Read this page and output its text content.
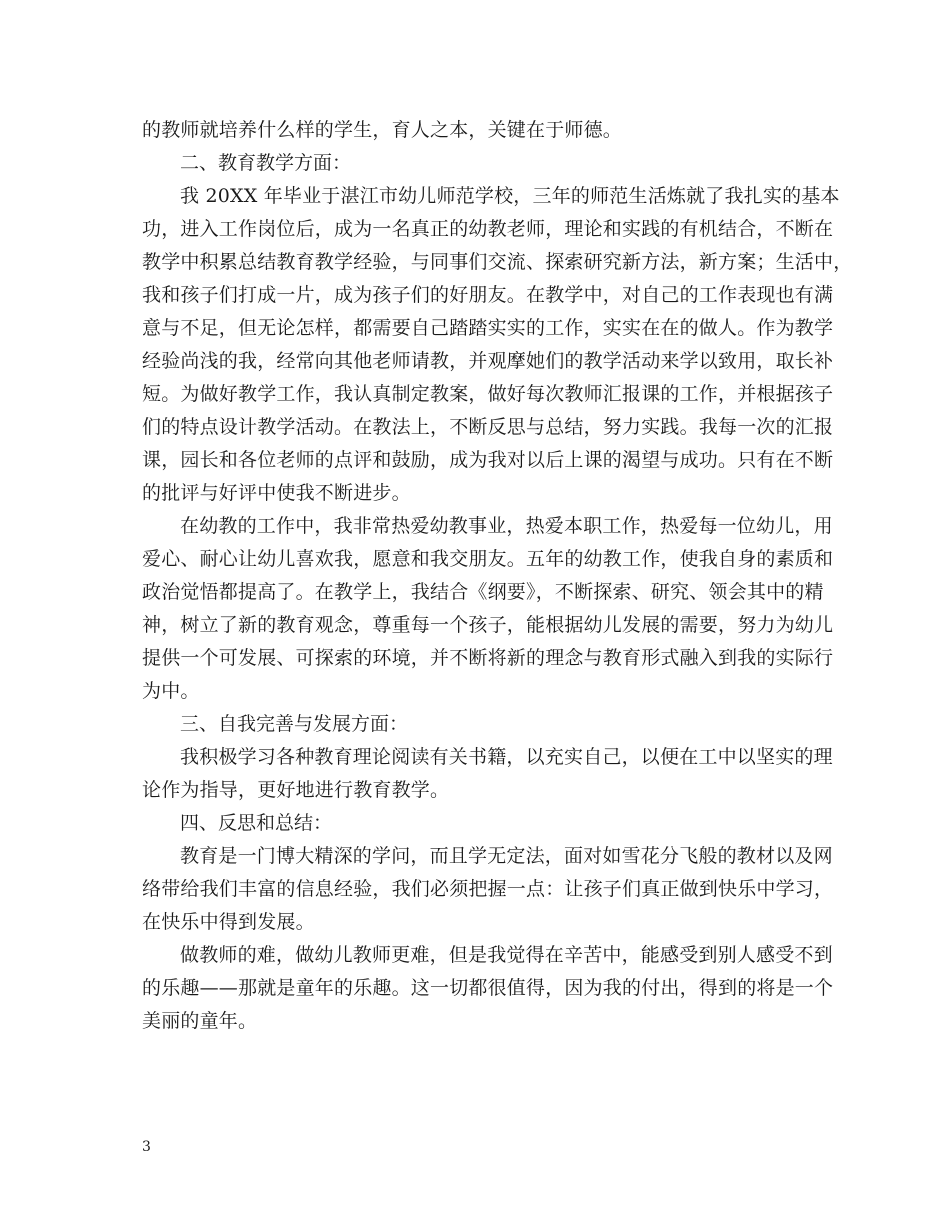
的教师就培养什么样的学生，育人之本，关键在于师德。
二、教育教学方面：
我 20XX 年毕业于湛江市幼儿师范学校，三年的师范生活炼就了我扎实的基本
功，进入工作岗位后，成为一名真正的幼教老师，理论和实践的有机结合，不断在
教学中积累总结教育教学经验，与同事们交流、探索研究新方法，新方案；生活中，
我和孩子们打成一片，成为孩子们的好朋友。在教学中，对自己的工作表现也有满
意与不足，但无论怎样，都需要自己踏踏实实的工作，实实在在的做人。作为教学
经验尚浅的我，经常向其他老师请教，并观摩她们的教学活动来学以致用，取长补
短。为做好教学工作，我认真制定教案，做好每次教师汇报课的工作，并根据孩子
们的特点设计教学活动。在教法上，不断反思与总结，努力实践。我每一次的汇报
课，园长和各位老师的点评和鼓励，成为我对以后上课的渴望与成功。只有在不断
的批评与好评中使我不断进步。
在幼教的工作中，我非常热爱幼教事业，热爱本职工作，热爱每一位幼儿，用
爱心、耐心让幼儿喜欢我，愿意和我交朋友。五年的幼教工作，使我自身的素质和
政治觉悟都提高了。在教学上，我结合《纲要》，不断探索、研究、领会其中的精
神，树立了新的教育观念，尊重每一个孩子，能根据幼儿发展的需要，努力为幼儿
提供一个可发展、可探索的环境，并不断将新的理念与教育形式融入到我的实际行
为中。
三、自我完善与发展方面：
我积极学习各种教育理论阅读有关书籍，以充实自己，以便在工中以坚实的理
论作为指导，更好地进行教育教学。
四、反思和总结：
教育是一门博大精深的学问，而且学无定法，面对如雪花分飞般的教材以及网
络带给我们丰富的信息经验，我们必须把握一点：让孩子们真正做到快乐中学习，
在快乐中得到发展。
做教师的难，做幼儿教师更难，但是我觉得在辛苦中，能感受到别人感受不到
的乐趣——那就是童年的乐趣。这一切都很值得，因为我的付出，得到的将是一个
美丽的童年。
3
